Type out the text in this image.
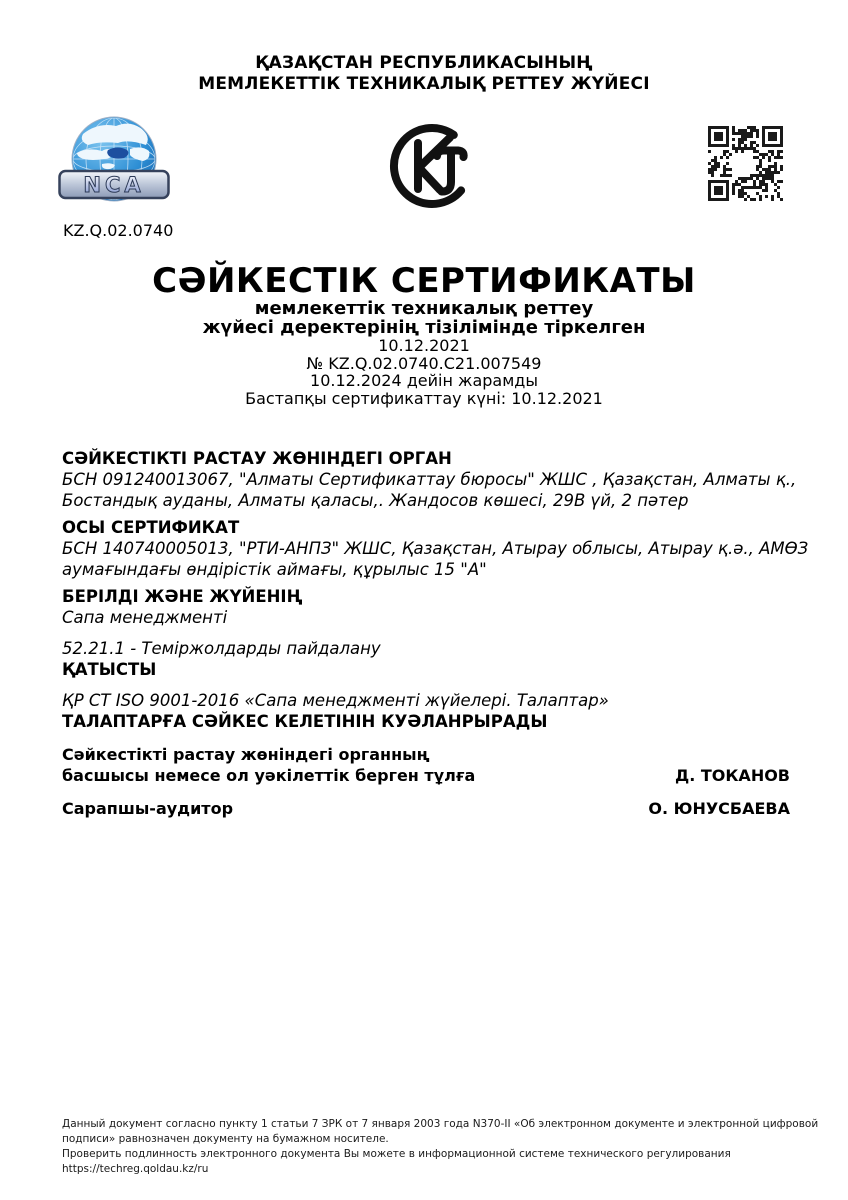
ҚАЗАҚСТАН РЕСПУБЛИКАСЫНЫҢ
МЕМЛЕКЕТТІК ТЕХНИКАЛЫҚ РЕТТЕУ ЖҮЙЕСІ
NCA
KZ.Q.02.0740
СӘЙКЕСТІК СЕРТИФИКАТЫ
мемлекеттік техникалық реттеу
жүйесі деректерінің тізілімінде тіркелген
10.12.2021
№ KZ.Q.02.0740.C21.007549
10.12.2024 дейін жарамды
Бастапқы сертификаттау күні: 10.12.2021
СӘЙКЕСТІКТІ РАСТАУ ЖӨНІНДЕГІ ОРГАН
БСН 091240013067, "Алматы Сертификаттау бюросы" ЖШС , Қазақстан, Алматы қ.,
Бостандық ауданы, Алматы қаласы,. Жандосов көшесі, 29В үй, 2 пәтер
ОСЫ СЕРТИФИКАТ
БСН 140740005013, "РТИ-АНПЗ" ЖШС, Қазақстан, Атырау облысы, Атырау қ.ә., АМӨЗ
аумағындағы өндірістік аймағы, құрылыс 15 "А"
БЕРІЛДІ ЖӘНЕ ЖҮЙЕНІҢ
Сапа менеджменті
52.21.1 - Теміржолдарды пайдалану
ҚАТЫСТЫ
ҚР СТ ISO 9001-2016 «Сапа менеджменті жүйелері. Талаптар»
ТАЛАПТАРҒА СӘЙКЕС КЕЛЕТІНІН КУӘЛАНРЫРАДЫ
Сәйкестікті растау жөніндегі органның
басшысы немесе ол уәкілеттік берген тұлға	Д. ТОКАНОВ
Сарапшы-аудитор	О. ЮНУСБАЕВА
Данный документ согласно пункту 1 статьи 7 ЗРК от 7 января 2003 года N370-II «Об электронном документе и электронной цифровой
подписи» равнозначен документу на бумажном носителе.
Проверить подлинность электронного документа Вы можете в информационной системе технического регулирования
https://techreg.qoldau.kz/ru
